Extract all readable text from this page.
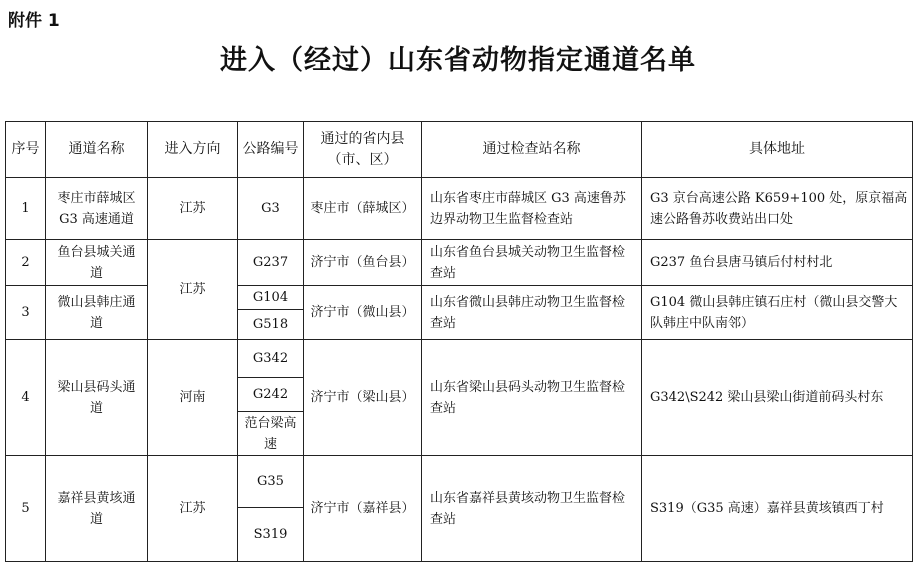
附件 1
进入（经过）山东省动物指定通道名单
序号	通道名称	进入方向	公路编号	通过的省内县（市、区）	通过检查站名称	具体地址
1	枣庄市薛城区 G3 高速通道	江苏	G3	枣庄市（薛城区）	山东省枣庄市薛城区 G3 高速鲁苏边界动物卫生监督检查站	G3 京台高速公路 K659+100 处，原京福高速公路鲁苏收费站出口处
2	鱼台县城关通道	江苏	G237	济宁市（鱼台县）	山东省鱼台县城关动物卫生监督检查站	G237 鱼台县唐马镇后付村村北
3	微山县韩庄通道		G104	济宁市（微山县）	山东省微山县韩庄动物卫生监督检查站	G104 微山县韩庄镇石庄村（微山县交警大队韩庄中队南邻）
			G518			
4	梁山县码头通道	河南	G342	济宁市（梁山县）	山东省梁山县码头动物卫生监督检查站	G342\S242 梁山县梁山街道前码头村东
			G242			
			范台梁高速			
5	嘉祥县黄垓通道	江苏	G35	济宁市（嘉祥县）	山东省嘉祥县黄垓动物卫生监督检查站	S319（G35 高速）嘉祥县黄垓镇西丁村
			S319			
